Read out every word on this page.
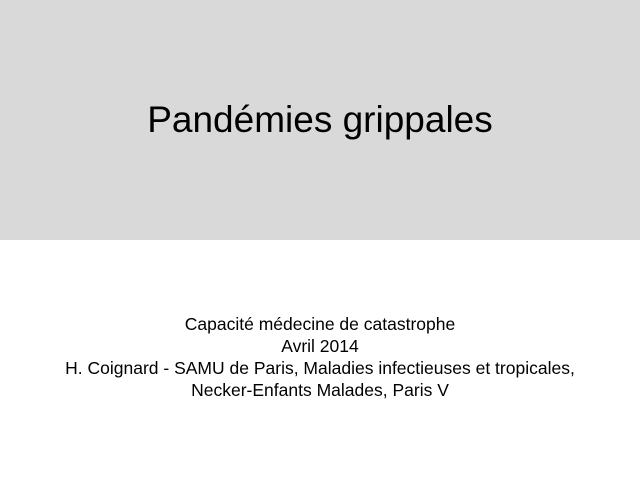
Pandémies grippales
Capacité médecine de catastrophe
Avril 2014
H. Coignard - SAMU de Paris, Maladies infectieuses et tropicales,
Necker-Enfants Malades, Paris V
